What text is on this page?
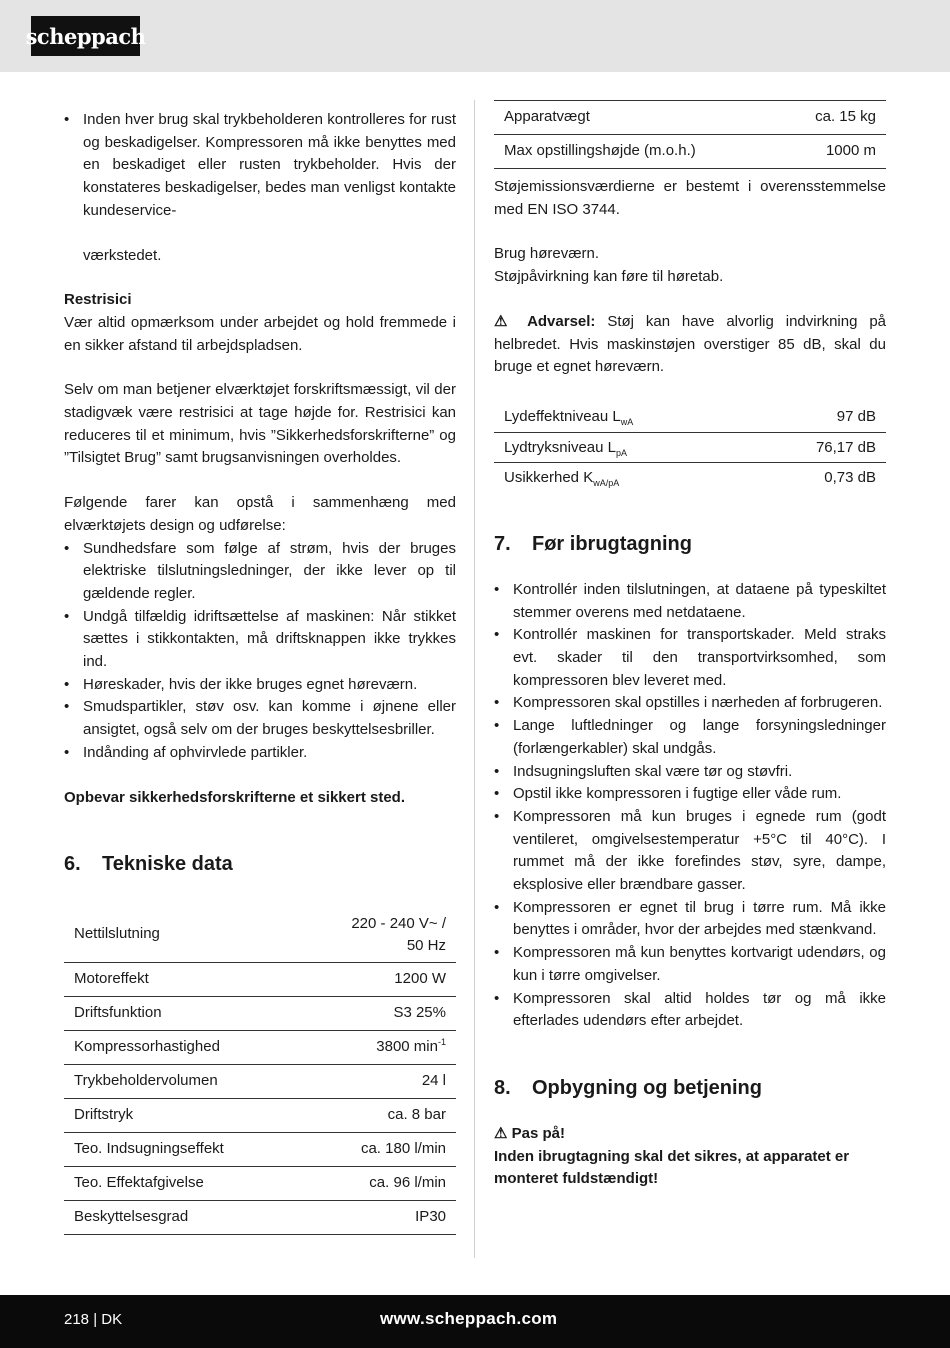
scheppach
• Inden hver brug skal trykbeholderen kontrolleres for rust og beskadigelser. Kompressoren må ikke benyttes med en beskadiget eller rusten trykbeholder. Hvis der konstateres beskadigelser, bedes man venligst kontakte kundeservice-

værkstedet.

Restrisici

Vær altid opmærksom under arbejdet og hold fremmede i en sikker afstand til arbejdspladsen.

Selv om man betjener elværktøjet forskriftsmæssigt, vil der stadigvæk være restrisici at tage højde for. Restrisici kan reduceres til et minimum, hvis ”Sikkerhedsforskrifterne” og ”Tilsigtet Brug” samt brugsanvisningen overholdes.

Følgende farer kan opstå i sammenhæng med elværktøjets design og udførelse:

• Sundhedsfare som følge af strøm, hvis der bruges elektriske tilslutningsledninger, der ikke lever op til gældende regler.
• Undgå tilfældig idriftsættelse af maskinen: Når stikket sættes i stikkontakten, må driftsknappen ikke trykkes ind.
• Høreskader, hvis der ikke bruges egnet høreværn.
• Smudspartikler, støv osv. kan komme i øjnene eller ansigtet, også selv om der bruges beskyttelsesbriller.
• Indånding af ophvirvlede partikler.

Opbevar sikkerhedsforskrifterne et sikkert sted.

6. Tekniske data
Nettilslutning	220 - 240 V~ /
50 Hz
Motoreffekt	1200 W
Driftsfunktion	S3 25%
Kompressorhastighed	3800 $\min^{-1}$
Trykbeholdervolumen	24 l
Driftstryk	ca. 8 bar
Teo. Indsugningseffekt	ca. 180 l/min
Teo. Effektafgivelse	ca. 96 l/min
Beskyttelsesgrad	IP30
Apparatvægt	ca. 15 kg
Max opstillingshøjde (m.o.h.)	1000 m

Støjemissionsværdierne er bestemt i overensstemmelse med EN ISO 3744.

Brug høreværn.

Støjpåvirkning kan føre til høretab.

⚠ Advarsel: Støj kan have alvorlig indvirkning på helbredet. Hvis maskinstøjen overstiger 85 dB, skal du bruge et egnet høreværn.

Lydeffektniveau $L_{wA}$	97 dB
Lydtryksniveau $L_{pA}$	76,17 dB
Usikkerhed $K_{wA/pA}$	0,73 dB
7. Før ibrugtagning
• Kontrollér inden tilslutningen, at dataene på typeskiltet stemmer overens med netdataene.
• Kontrollér maskinen for transportskader. Meld straks evt. skader til den transportvirksomhed, som kompressoren blev leveret med.
• Kompressoren skal opstilles i nærheden af forbrugeren.
• Lange luftledninger og lange forsyningsledninger (forlængerkabler) skal undgås.
• Indsugningsluften skal være tør og støvfri.
• Opstil ikke kompressoren i fugtige eller våde rum.
• Kompressoren må kun bruges i egnede rum (godt ventileret, omgivelsestemperatur +5°C til 40°C). I rummet må der ikke forefindes støv, syre, dampe, eksplosive eller brændbare gasser.
• Kompressoren er egnet til brug i tørre rum. Må ikke benyttes i områder, hvor der arbejdes med stænkvand.
• Kompressoren må kun benyttes kortvarigt udendørs, og kun i tørre omgivelser.
• Kompressoren skal altid holdes tør og må ikke efterlades udendørs efter arbejdet.
8. Opbygning og betjening

⚠ Pas på!

Inden ibrugtagning skal det sikres, at apparatet er monteret fuldstændigt!

218 | DK	www.scheppach.com
